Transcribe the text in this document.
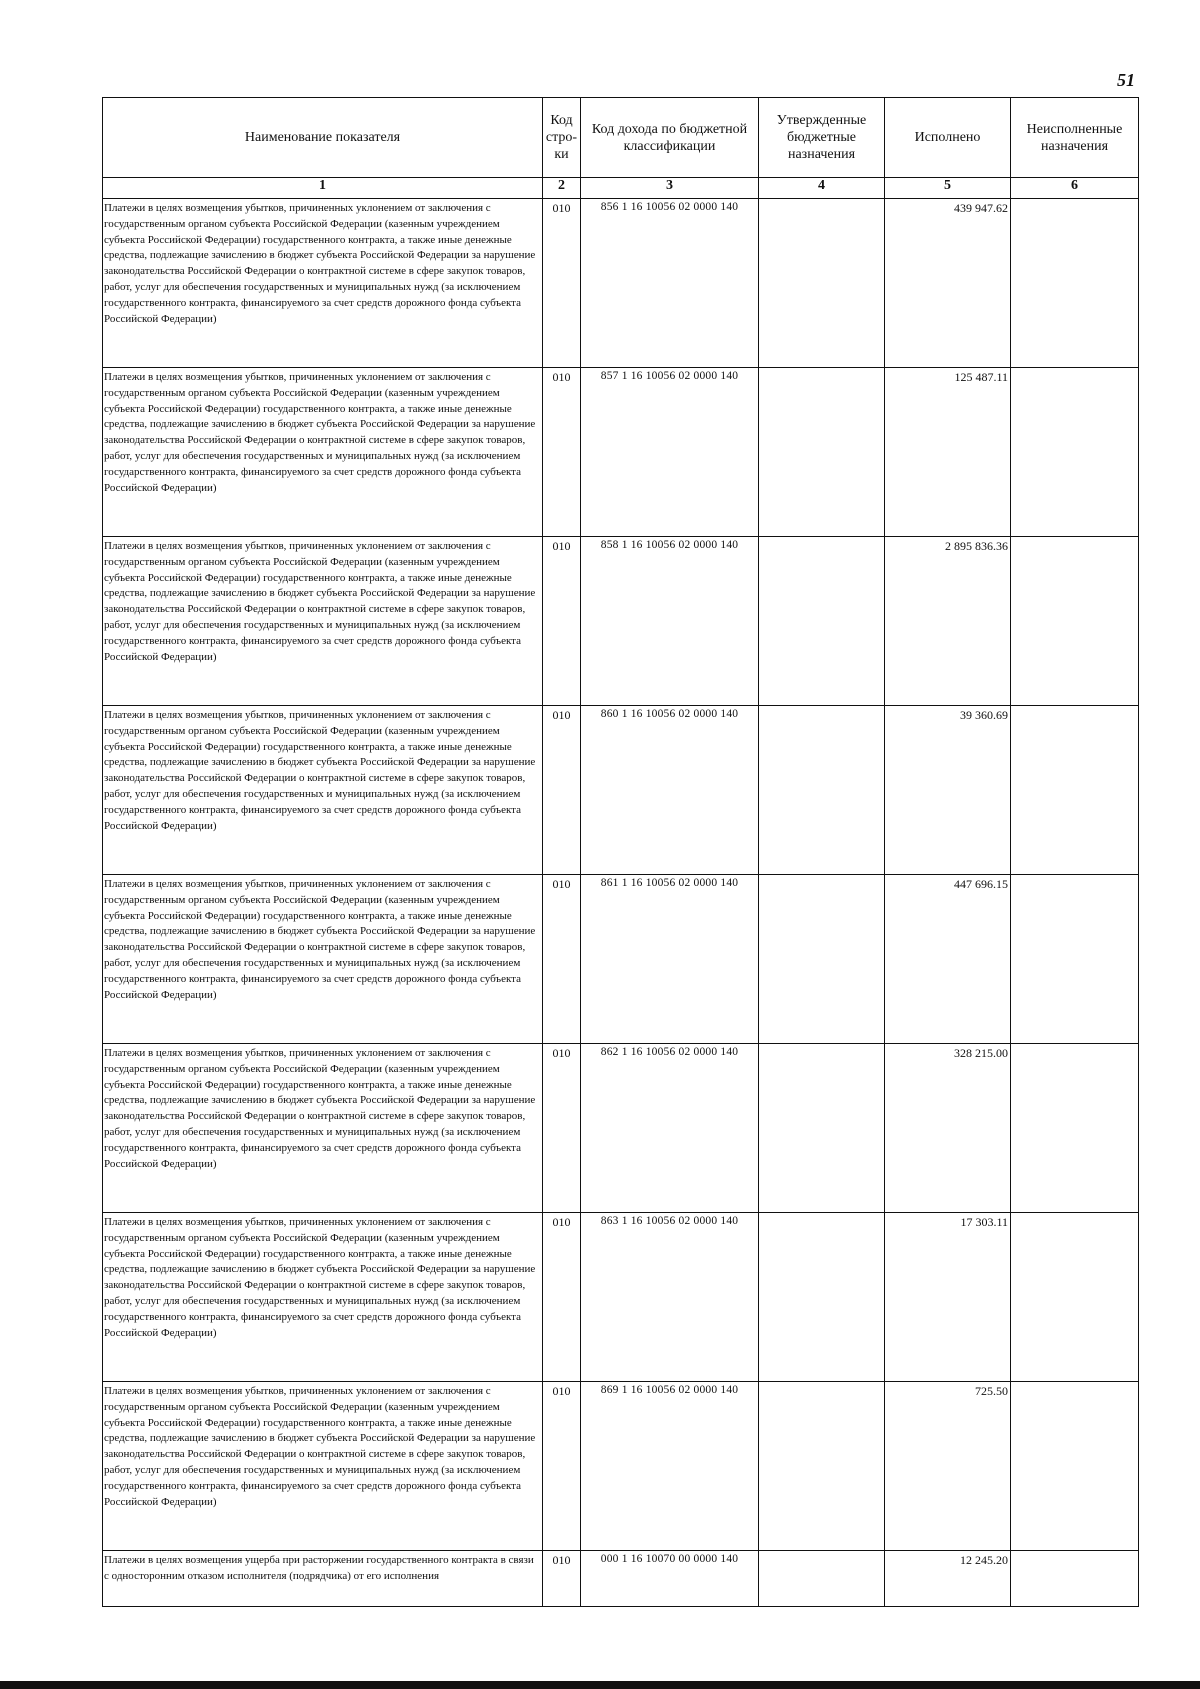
51
Наименование показателя	Код стро-ки	Код дохода по бюджетной классификации	Утвержденные бюджетные назначения	Исполнено	Неисполненные назначения
1	2	3	4	5	6
Платежи в целях возмещения убытков, причиненных уклонением от заключения с государственным органом субъекта Российской Федерации (казенным учреждением субъекта Российской Федерации) государственного контракта, а также иные денежные средства, подлежащие зачислению в бюджет субъекта Российской Федерации за нарушение законодательства Российской Федерации о контрактной системе в сфере закупок товаров, работ, услуг для обеспечения государственных и муниципальных нужд (за исключением государственного контракта, финансируемого за счет средств дорожного фонда субъекта Российской Федерации)	010	856 1 16 10056 02 0000 140		439 947.62	
Платежи в целях возмещения убытков, причиненных уклонением от заключения с государственным органом субъекта Российской Федерации (казенным учреждением субъекта Российской Федерации) государственного контракта, а также иные денежные средства, подлежащие зачислению в бюджет субъекта Российской Федерации за нарушение законодательства Российской Федерации о контрактной системе в сфере закупок товаров, работ, услуг для обеспечения государственных и муниципальных нужд (за исключением государственного контракта, финансируемого за счет средств дорожного фонда субъекта Российской Федерации)	010	857 1 16 10056 02 0000 140		125 487.11	
Платежи в целях возмещения убытков, причиненных уклонением от заключения с государственным органом субъекта Российской Федерации (казенным учреждением субъекта Российской Федерации) государственного контракта, а также иные денежные средства, подлежащие зачислению в бюджет субъекта Российской Федерации за нарушение законодательства Российской Федерации о контрактной системе в сфере закупок товаров, работ, услуг для обеспечения государственных и муниципальных нужд (за исключением государственного контракта, финансируемого за счет средств дорожного фонда субъекта Российской Федерации)	010	858 1 16 10056 02 0000 140		2 895 836.36	
Платежи в целях возмещения убытков, причиненных уклонением от заключения с государственным органом субъекта Российской Федерации (казенным учреждением субъекта Российской Федерации) государственного контракта, а также иные денежные средства, подлежащие зачислению в бюджет субъекта Российской Федерации за нарушение законодательства Российской Федерации о контрактной системе в сфере закупок товаров, работ, услуг для обеспечения государственных и муниципальных нужд (за исключением государственного контракта, финансируемого за счет средств дорожного фонда субъекта Российской Федерации)	010	860 1 16 10056 02 0000 140		39 360.69	
Платежи в целях возмещения убытков, причиненных уклонением от заключения с государственным органом субъекта Российской Федерации (казенным учреждением субъекта Российской Федерации) государственного контракта, а также иные денежные средства, подлежащие зачислению в бюджет субъекта Российской Федерации за нарушение законодательства Российской Федерации о контрактной системе в сфере закупок товаров, работ, услуг для обеспечения государственных и муниципальных нужд (за исключением государственного контракта, финансируемого за счет средств дорожного фонда субъекта Российской Федерации)	010	861 1 16 10056 02 0000 140		447 696.15	
Платежи в целях возмещения убытков, причиненных уклонением от заключения с государственным органом субъекта Российской Федерации (казенным учреждением субъекта Российской Федерации) государственного контракта, а также иные денежные средства, подлежащие зачислению в бюджет субъекта Российской Федерации за нарушение законодательства Российской Федерации о контрактной системе в сфере закупок товаров, работ, услуг для обеспечения государственных и муниципальных нужд (за исключением государственного контракта, финансируемого за счет средств дорожного фонда субъекта Российской Федерации)	010	862 1 16 10056 02 0000 140		328 215.00	
Платежи в целях возмещения убытков, причиненных уклонением от заключения с государственным органом субъекта Российской Федерации (казенным учреждением субъекта Российской Федерации) государственного контракта, а также иные денежные средства, подлежащие зачислению в бюджет субъекта Российской Федерации за нарушение законодательства Российской Федерации о контрактной системе в сфере закупок товаров, работ, услуг для обеспечения государственных и муниципальных нужд (за исключением государственного контракта, финансируемого за счет средств дорожного фонда субъекта Российской Федерации)	010	863 1 16 10056 02 0000 140		17 303.11	
Платежи в целях возмещения убытков, причиненных уклонением от заключения с государственным органом субъекта Российской Федерации (казенным учреждением субъекта Российской Федерации) государственного контракта, а также иные денежные средства, подлежащие зачислению в бюджет субъекта Российской Федерации за нарушение законодательства Российской Федерации о контрактной системе в сфере закупок товаров, работ, услуг для обеспечения государственных и муниципальных нужд (за исключением государственного контракта, финансируемого за счет средств дорожного фонда субъекта Российской Федерации)	010	869 1 16 10056 02 0000 140		725.50	
Платежи в целях возмещения ущерба при расторжении государственного контракта в связи с односторонним отказом исполнителя (подрядчика) от его исполнения	010	000 1 16 10070 00 0000 140		12 245.20	
